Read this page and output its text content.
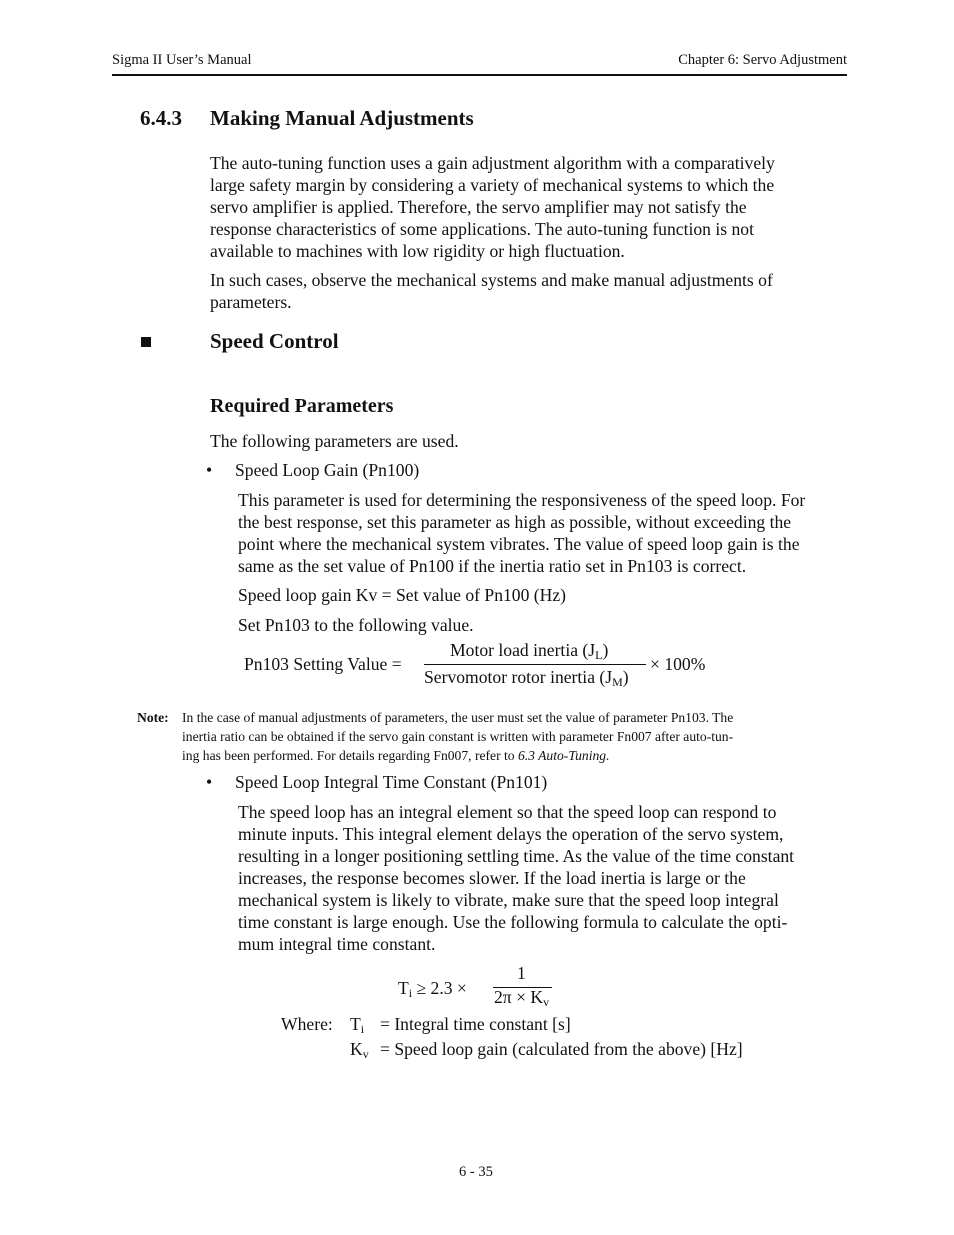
Sigma II User’s Manual	Chapter 6: Servo Adjustment
6.4.3 Making Manual Adjustments
The auto-tuning function uses a gain adjustment algorithm with a comparatively
large safety margin by considering a variety of mechanical systems to which the
servo amplifier is applied. Therefore, the servo amplifier may not satisfy the
response characteristics of some applications. The auto-tuning function is not
available to machines with low rigidity or high fluctuation.
In such cases, observe the mechanical systems and make manual adjustments of
parameters.
Speed Control
Required Parameters
The following parameters are used.
• Speed Loop Gain (Pn100)
This parameter is used for determining the responsiveness of the speed loop. For
the best response, set this parameter as high as possible, without exceeding the
point where the mechanical system vibrates. The value of speed loop gain is the
same as the set value of Pn100 if the inertia ratio set in Pn103 is correct.
Speed loop gain Kv = Set value of Pn100 (Hz)
Set Pn103 to the following value.
Pn103 Setting Value =
Motor load inertia $(J_L)$
Servomotor rotor inertia $(J_M)$
× 100%
Note: In the case of manual adjustments of parameters, the user must set the value of parameter Pn103. The
inertia ratio can be obtained if the servo gain constant is written with parameter Fn007 after auto-tun-
ing has been performed. For details regarding Fn007, refer to 6.3 Auto-Tuning.
• Speed Loop Integral Time Constant (Pn101)
The speed loop has an integral element so that the speed loop can respond to
minute inputs. This integral element delays the operation of the servo system,
resulting in a longer positioning settling time. As the value of the time constant
increases, the response becomes slower. If the load inertia is large or the
mechanical system is likely to vibrate, make sure that the speed loop integral
time constant is large enough. Use the following formula to calculate the opti-
mum integral time constant.
$T_i \ge 2.3$ ×
1
$2\pi \times K_v$
Where: $T_i$ = Integral time constant [s]
$K_v$ = Speed loop gain (calculated from the above) [Hz]
6 - 35
